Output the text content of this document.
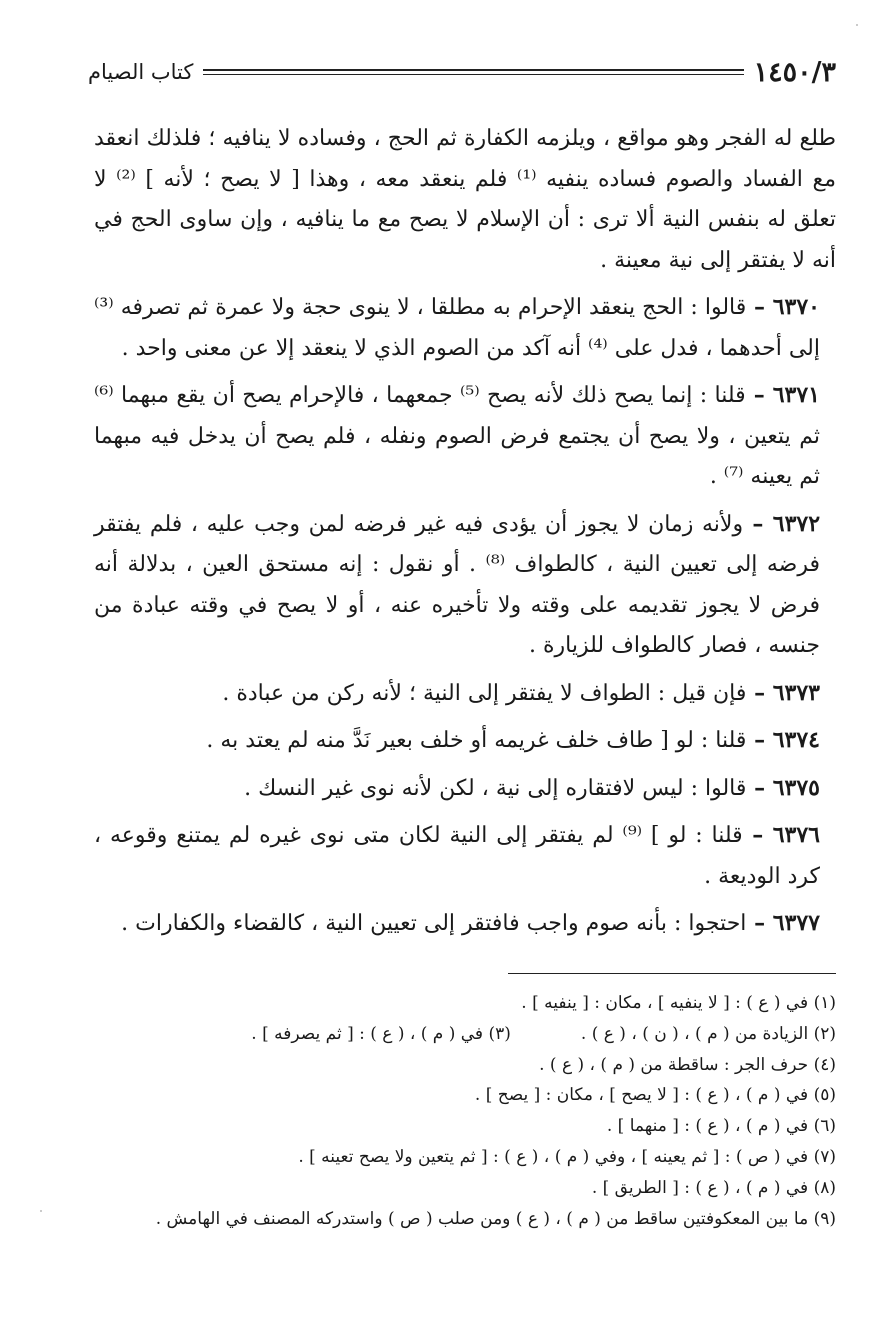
١٤٥٠/٣
كتاب الصيام

طلع له الفجر وهو مواقع ، ويلزمه الكفارة ثم الحج ، وفساده لا ينافيه ؛ فلذلك انعقد مع الفساد والصوم فساده ينفيه ⁽¹⁾ فلم ينعقد معه ، وهذا [ لا يصح ؛ لأنه ] ⁽²⁾ لا تعلق له بنفس النية ألا ترى : أن الإسلام لا يصح مع ما ينافيه ، وإن ساوى الحج في أنه لا يفتقر إلى نية معينة .

٦٣٧٠ – قالوا : الحج ينعقد الإحرام به مطلقا ، لا ينوى حجة ولا عمرة ثم تصرفه ⁽³⁾ إلى أحدهما ، فدل على ⁽⁴⁾ أنه آكد من الصوم الذي لا ينعقد إلا عن معنى واحد .

٦٣٧١ – قلنا : إنما يصح ذلك لأنه يصح ⁽⁵⁾ جمعهما ، فالإحرام يصح أن يقع مبهما ⁽⁶⁾ ثم يتعين ، ولا يصح أن يجتمع فرض الصوم ونفله ، فلم يصح أن يدخل فيه مبهما ثم يعينه ⁽⁷⁾ .

٦٣٧٢ – ولأنه زمان لا يجوز أن يؤدى فيه غير فرضه لمن وجب عليه ، فلم يفتقر فرضه إلى تعيين النية ، كالطواف ⁽⁸⁾ . أو نقول : إنه مستحق العين ، بدلالة أنه فرض لا يجوز تقديمه على وقته ولا تأخيره عنه ، أو لا يصح في وقته عبادة من جنسه ، فصار كالطواف للزيارة .

٦٣٧٣ – فإن قيل : الطواف لا يفتقر إلى النية ؛ لأنه ركن من عبادة .

٦٣٧٤ – قلنا : لو [ طاف خلف غريمه أو خلف بعير نَدَّ منه لم يعتد به .

٦٣٧٥ – قالوا : ليس لافتقاره إلى نية ، لكن لأنه نوى غير النسك .

٦٣٧٦ – قلنا : لو ] ⁽⁹⁾ لم يفتقر إلى النية لكان متى نوى غيره لم يمتنع وقوعه ، كرد الوديعة .

٦٣٧٧ – احتجوا : بأنه صوم واجب فافتقر إلى تعيين النية ، كالقضاء والكفارات .

(١) في ( ع ) : [ لا ينفيه ] ، مكان : [ ينفيه ] .
(٢) الزيادة من ( م ) ، ( ن ) ، ( ع ) .(٣) في ( م ) ، ( ع ) : [ ثم يصرفه ] .
(٤) حرف الجر : ساقطة من ( م ) ، ( ع ) .
(٥) في ( م ) ، ( ع ) : [ لا يصح ] ، مكان : [ يصح ] .
(٦) في ( م ) ، ( ع ) : [ منهما ] .
(٧) في ( ص ) : [ ثم يعينه ] ، وفي ( م ) ، ( ع ) : [ ثم يتعين ولا يصح تعينه ] .
(٨) في ( م ) ، ( ع ) : [ الطريق ] .
(٩) ما بين المعكوفتين ساقط من ( م ) ، ( ع ) ومن صلب ( ص ) واستدركه المصنف في الهامش .
